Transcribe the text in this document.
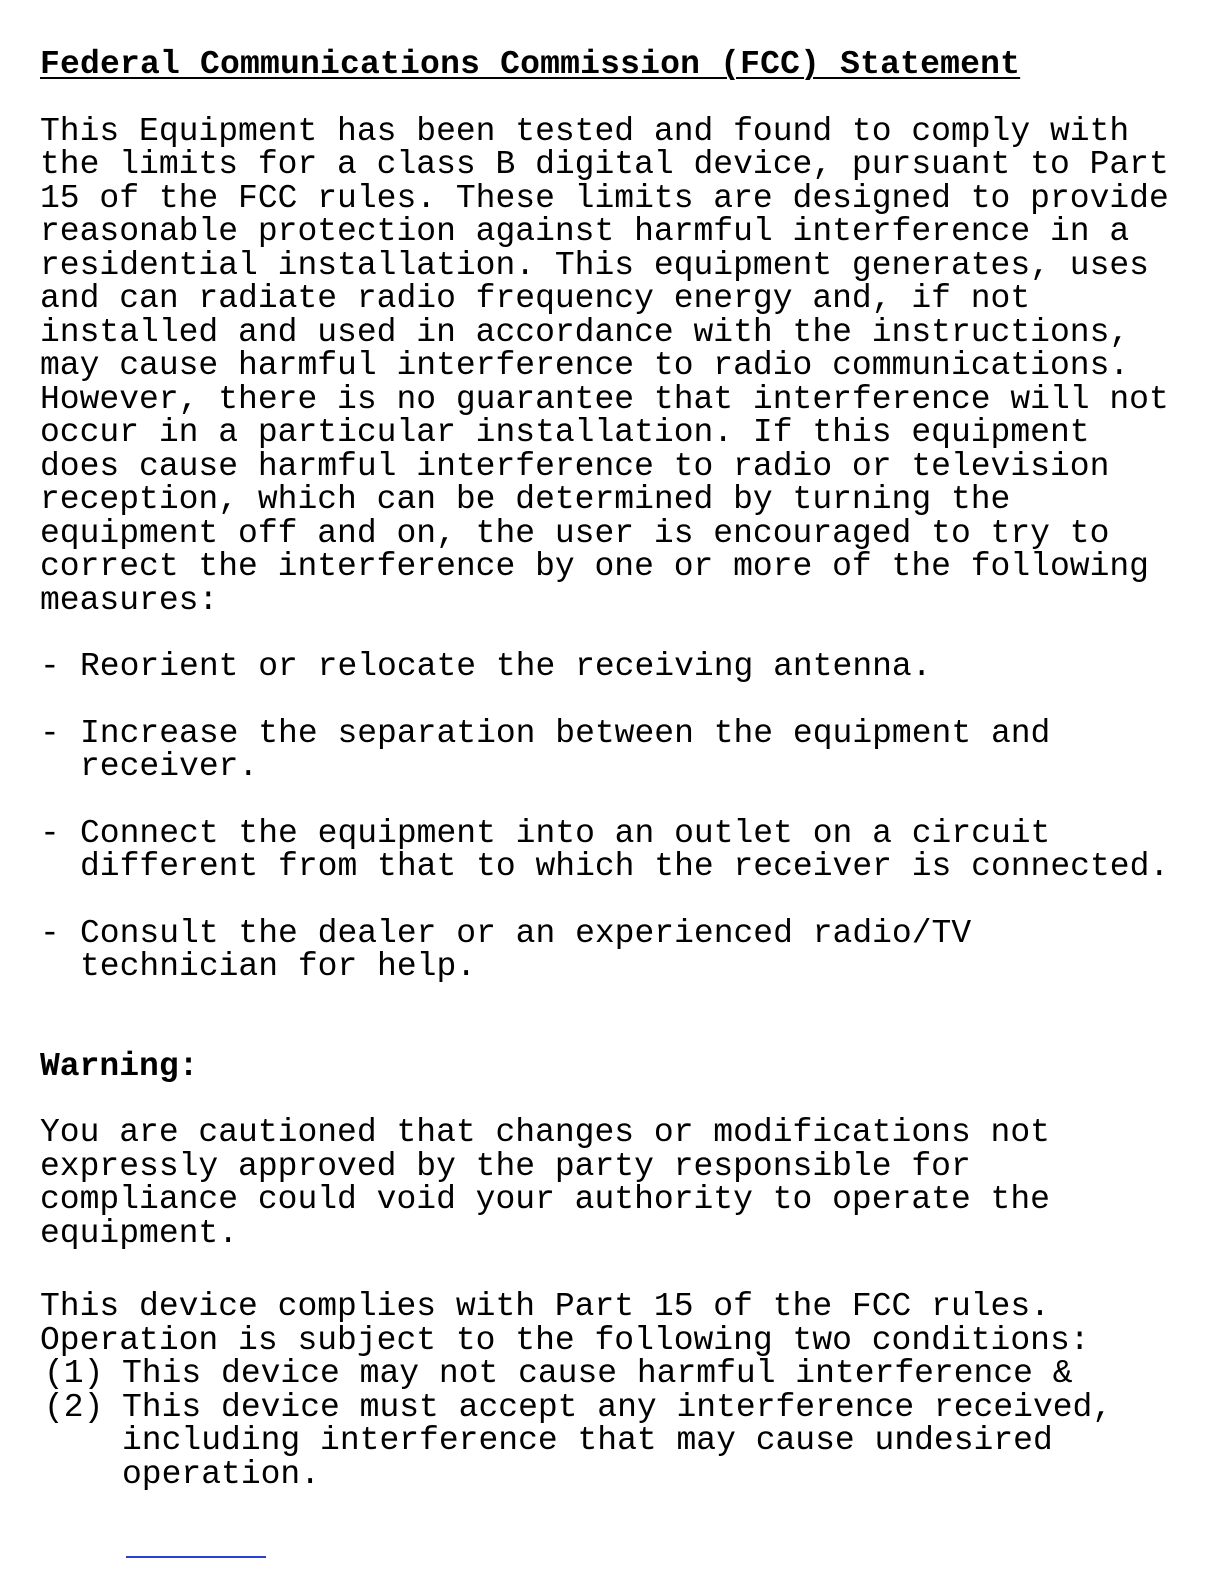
Federal Communications Commission (FCC) Statement

This Equipment has been tested and found to comply with
the limits for a class B digital device, pursuant to Part
15 of the FCC rules. These limits are designed to provide
reasonable protection against harmful interference in a
residential installation. This equipment generates, uses
and can radiate radio frequency energy and, if not
installed and used in accordance with the instructions,
may cause harmful interference to radio communications.
However, there is no guarantee that interference will not
occur in a particular installation. If this equipment
does cause harmful interference to radio or television
reception, which can be determined by turning the
equipment off and on, the user is encouraged to try to
correct the interference by one or more of the following
measures:

- Reorient or relocate the receiving antenna.
- Increase the separation between the equipment and
receiver.
- Connect the equipment into an outlet on a circuit
different from that to which the receiver is connected.
- Consult the dealer or an experienced radio/TV
technician for help.

Warning:

You are cautioned that changes or modifications not
expressly approved by the party responsible for
compliance could void your authority to operate the
equipment.

This device complies with Part 15 of the FCC rules.
Operation is subject to the following two conditions:

(1) This device may not cause harmful interference &
(2) This device must accept any interference received,
including interference that may cause undesired
operation.
